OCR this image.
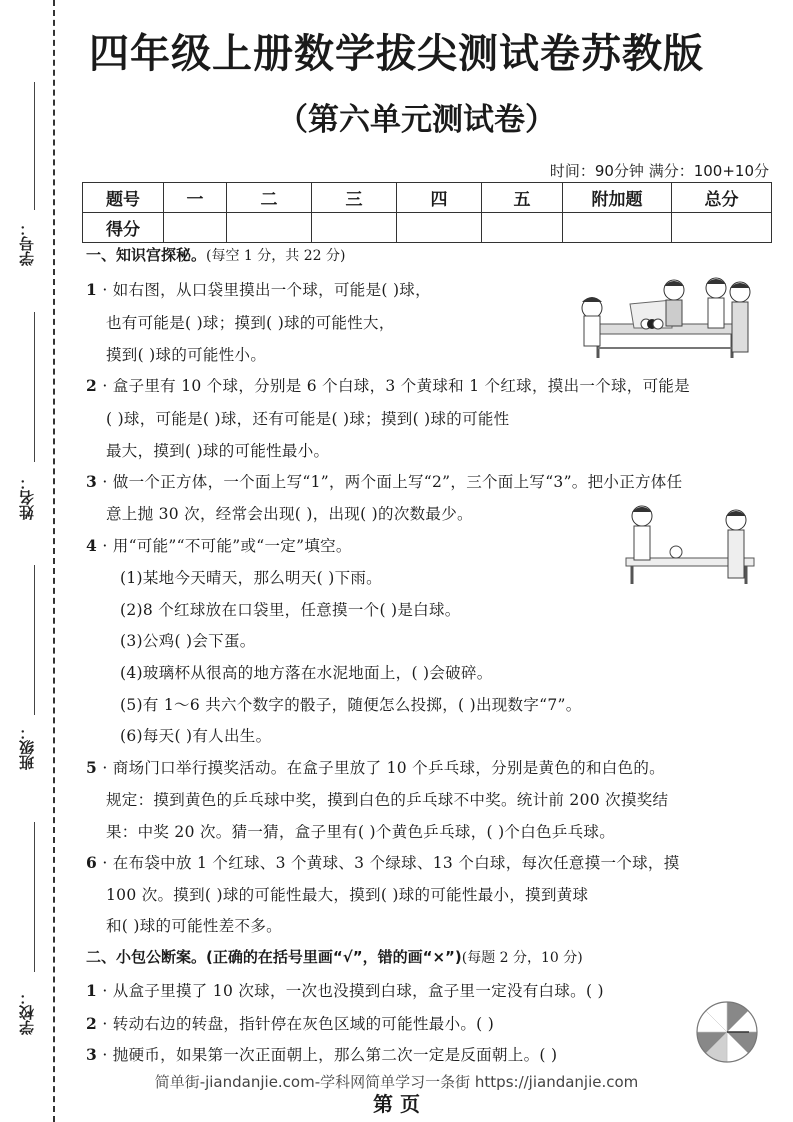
学号：
姓名：
班级：
学校：
四年级上册数学拔尖测试卷苏教版
（第六单元测试卷）
时间：90分钟 满分：100+10分
题号	一	二	三	四	五	附加题	总分
得分							
一、知识宫探秘。(每空 1 分，共 22 分)
1 · 如右图，从口袋里摸出一个球，可能是( )球，
也有可能是( )球；摸到( )球的可能性大，
摸到( )球的可能性小。
2 · 盒子里有 10 个球，分别是 6 个白球，3 个黄球和 1 个红球，摸出一个球，可能是
( )球，可能是( )球，还有可能是( )球；摸到( )球的可能性
最大，摸到( )球的可能性最小。
3 · 做一个正方体，一个面上写“1”，两个面上写“2”，三个面上写“3”。把小正方体任
意上抛 30 次，经常会出现( )，出现( )的次数最少。
4 · 用“可能”“不可能”或“一定”填空。
(1)某地今天晴天，那么明天( )下雨。
(2)8 个红球放在口袋里，任意摸一个( )是白球。
(3)公鸡( )会下蛋。
(4)玻璃杯从很高的地方落在水泥地面上，( )会破碎。
(5)有 1～6 共六个数字的骰子，随便怎么投掷，( )出现数字“7”。
(6)每天( )有人出生。
5 · 商场门口举行摸奖活动。在盒子里放了 10 个乒乓球，分别是黄色的和白色的。
规定：摸到黄色的乒乓球中奖，摸到白色的乒乓球不中奖。统计前 200 次摸奖结
果：中奖 20 次。猜一猜，盒子里有( )个黄色乒乓球，( )个白色乒乓球。
6 · 在布袋中放 1 个红球、3 个黄球、3 个绿球、13 个白球，每次任意摸一个球，摸
100 次。摸到( )球的可能性最大，摸到( )球的可能性最小，摸到黄球
和( )球的可能性差不多。
二、小包公断案。(正确的在括号里画“√”，错的画“×”)(每题 2 分，10 分)
1 · 从盒子里摸了 10 次球，一次也没摸到白球，盒子里一定没有白球。( )
2 · 转动右边的转盘，指针停在灰色区域的可能性最小。( )
3 · 抛硬币，如果第一次正面朝上，那么第二次一定是反面朝上。( )
简单街-jiandanjie.com-学科网简单学习一条街 https://jiandanjie.com
第 页
